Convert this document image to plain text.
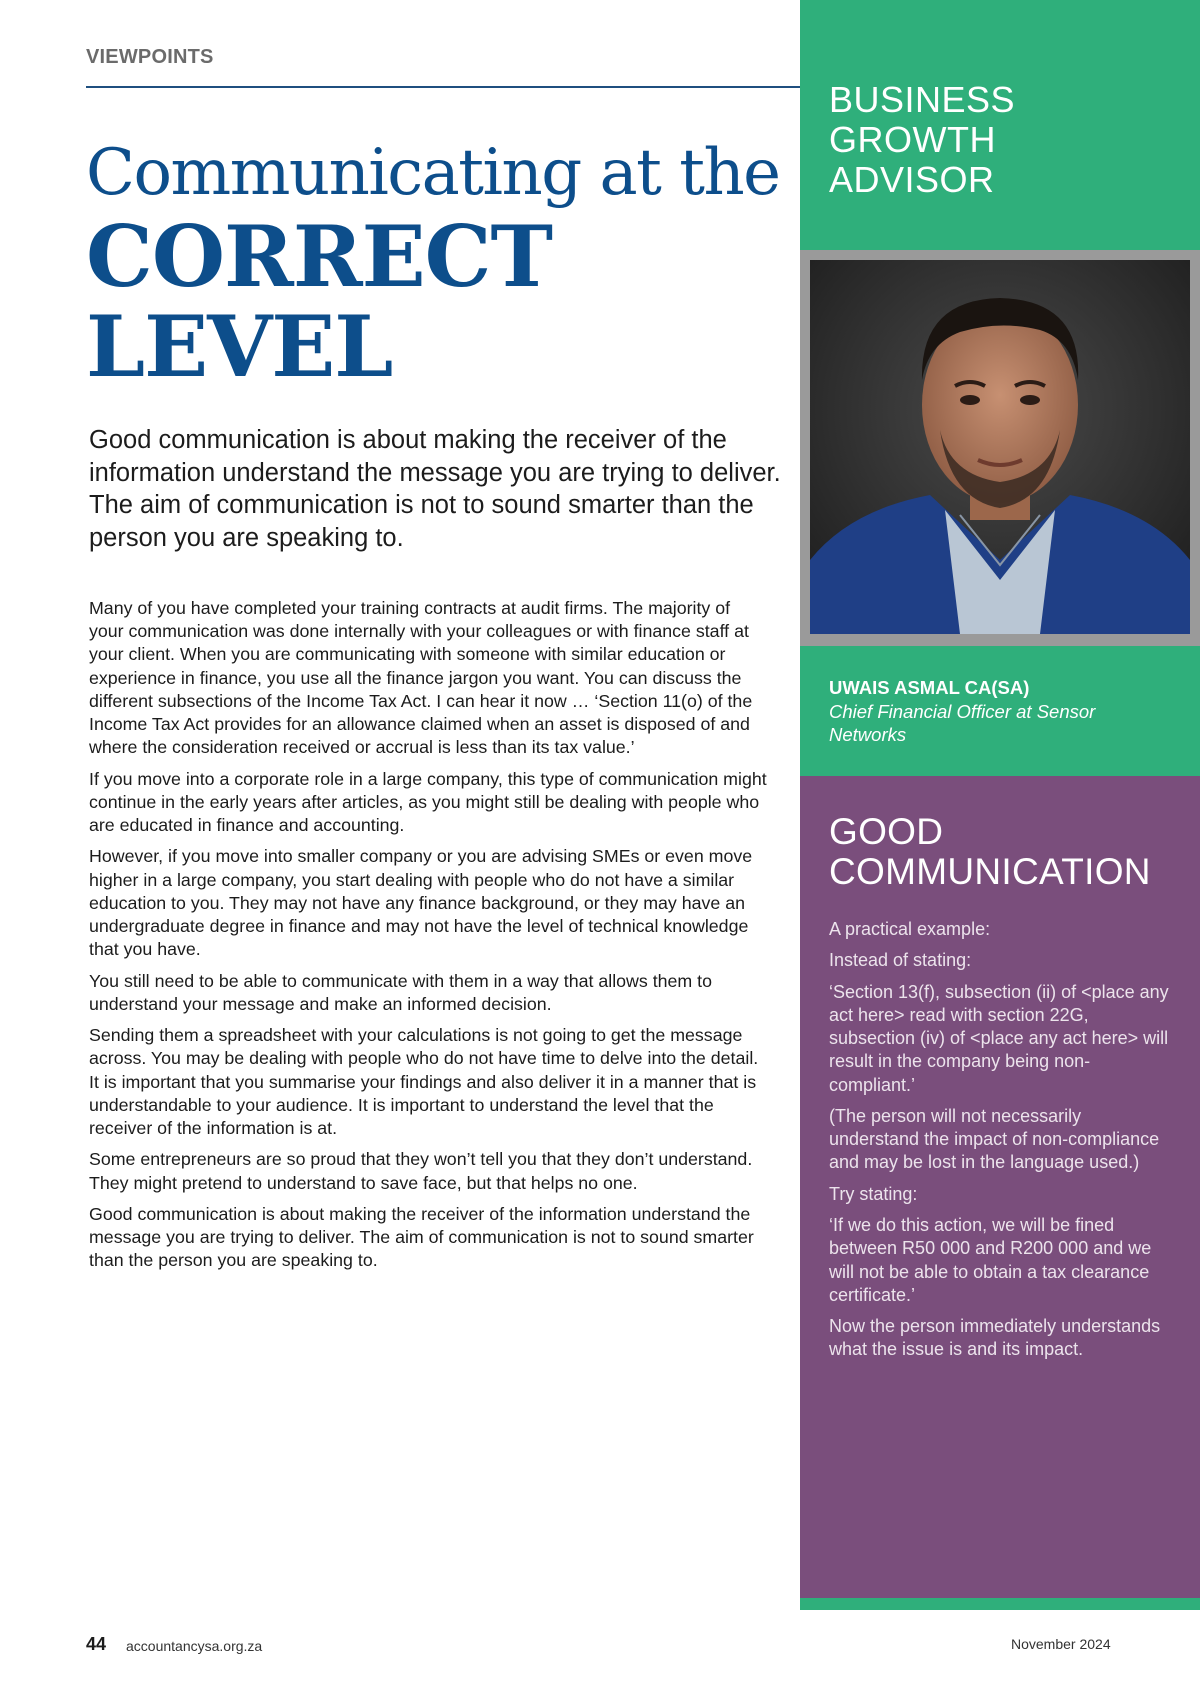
VIEWPOINTS
Communicating at the
CORRECT
LEVEL
Good communication is about making the receiver of the information understand the message you are trying to deliver. The aim of communication is not to sound smarter than the person you are speaking to.

Many of you have completed your training contracts at audit firms. The majority of your communication was done internally with your colleagues or with finance staff at your client. When you are communicating with someone with similar education or experience in finance, you use all the finance jargon you want. You can discuss the different subsections of the Income Tax Act. I can hear it now … ‘Section 11(o) of the Income Tax Act provides for an allowance claimed when an asset is disposed of and where the consideration received or accrual is less than its tax value.’

If you move into a corporate role in a large company, this type of communication might continue in the early years after articles, as you might still be dealing with people who are educated in finance and accounting.

However, if you move into smaller company or you are advising SMEs or even move higher in a large company, you start dealing with people who do not have a similar education to you. They may not have any finance background, or they may have an undergraduate degree in finance and may not have the level of technical knowledge that you have.

You still need to be able to communicate with them in a way that allows them to understand your message and make an informed decision.

Sending them a spreadsheet with your calculations is not going to get the message across. You may be dealing with people who do not have time to delve into the detail. It is important that you summarise your findings and also deliver it in a manner that is understandable to your audience. It is important to understand the level that the receiver of the information is at.

Some entrepreneurs are so proud that they won’t tell you that they don’t understand. They might pretend to understand to save face, but that helps no one.

Good communication is about making the receiver of the information understand the message you are trying to deliver. The aim of communication is not to sound smarter than the person you are speaking to.

BUSINESS
GROWTH
ADVISOR
UWAIS ASMAL CA(SA)
Chief Financial Officer at Sensor Networks
GOOD
COMMUNICATION

A practical example:

Instead of stating:

‘Section 13(f), subsection (ii) of <place any act here> read with section 22G, subsection (iv) of <place any act here> will result in the company being non-compliant.’

(The person will not necessarily understand the impact of non-compliance and may be lost in the language used.)

Try stating:

‘If we do this action, we will be fined between R50 000 and R200 000 and we will not be able to obtain a tax clearance certificate.’

Now the person immediately understands what the issue is and its impact.

44 accountancysa.org.za	November 2024
